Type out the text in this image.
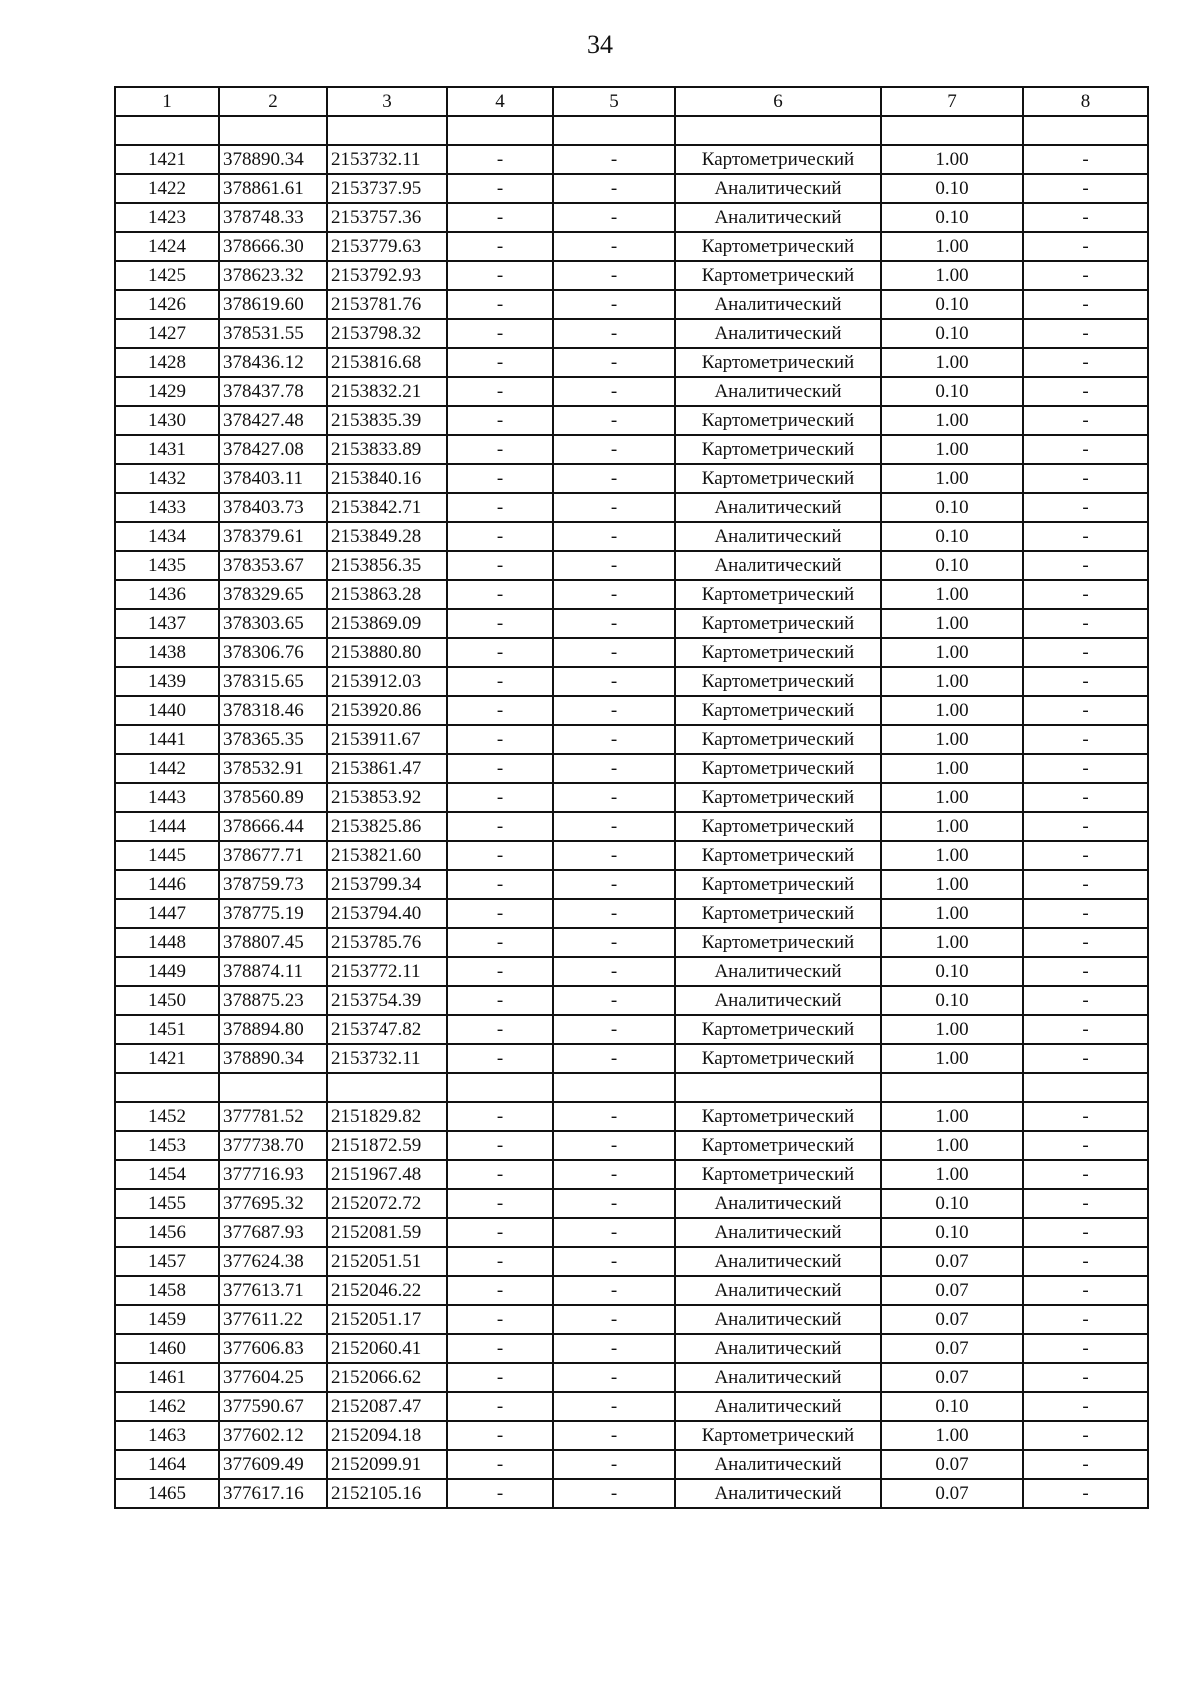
34
1	2	3	4	5	6	7	8

1421	378890.34	2153732.11	-	-	Картометрический	1.00	-
1422	378861.61	2153737.95	-	-	Аналитический	0.10	-
1423	378748.33	2153757.36	-	-	Аналитический	0.10	-
1424	378666.30	2153779.63	-	-	Картометрический	1.00	-
1425	378623.32	2153792.93	-	-	Картометрический	1.00	-
1426	378619.60	2153781.76	-	-	Аналитический	0.10	-
1427	378531.55	2153798.32	-	-	Аналитический	0.10	-
1428	378436.12	2153816.68	-	-	Картометрический	1.00	-
1429	378437.78	2153832.21	-	-	Аналитический	0.10	-
1430	378427.48	2153835.39	-	-	Картометрический	1.00	-
1431	378427.08	2153833.89	-	-	Картометрический	1.00	-
1432	378403.11	2153840.16	-	-	Картометрический	1.00	-
1433	378403.73	2153842.71	-	-	Аналитический	0.10	-
1434	378379.61	2153849.28	-	-	Аналитический	0.10	-
1435	378353.67	2153856.35	-	-	Аналитический	0.10	-
1436	378329.65	2153863.28	-	-	Картометрический	1.00	-
1437	378303.65	2153869.09	-	-	Картометрический	1.00	-
1438	378306.76	2153880.80	-	-	Картометрический	1.00	-
1439	378315.65	2153912.03	-	-	Картометрический	1.00	-
1440	378318.46	2153920.86	-	-	Картометрический	1.00	-
1441	378365.35	2153911.67	-	-	Картометрический	1.00	-
1442	378532.91	2153861.47	-	-	Картометрический	1.00	-
1443	378560.89	2153853.92	-	-	Картометрический	1.00	-
1444	378666.44	2153825.86	-	-	Картометрический	1.00	-
1445	378677.71	2153821.60	-	-	Картометрический	1.00	-
1446	378759.73	2153799.34	-	-	Картометрический	1.00	-
1447	378775.19	2153794.40	-	-	Картометрический	1.00	-
1448	378807.45	2153785.76	-	-	Картометрический	1.00	-
1449	378874.11	2153772.11	-	-	Аналитический	0.10	-
1450	378875.23	2153754.39	-	-	Аналитический	0.10	-
1451	378894.80	2153747.82	-	-	Картометрический	1.00	-
1421	378890.34	2153732.11	-	-	Картометрический	1.00	-

1452	377781.52	2151829.82	-	-	Картометрический	1.00	-
1453	377738.70	2151872.59	-	-	Картометрический	1.00	-
1454	377716.93	2151967.48	-	-	Картометрический	1.00	-
1455	377695.32	2152072.72	-	-	Аналитический	0.10	-
1456	377687.93	2152081.59	-	-	Аналитический	0.10	-
1457	377624.38	2152051.51	-	-	Аналитический	0.07	-
1458	377613.71	2152046.22	-	-	Аналитический	0.07	-
1459	377611.22	2152051.17	-	-	Аналитический	0.07	-
1460	377606.83	2152060.41	-	-	Аналитический	0.07	-
1461	377604.25	2152066.62	-	-	Аналитический	0.07	-
1462	377590.67	2152087.47	-	-	Аналитический	0.10	-
1463	377602.12	2152094.18	-	-	Картометрический	1.00	-
1464	377609.49	2152099.91	-	-	Аналитический	0.07	-
1465	377617.16	2152105.16	-	-	Аналитический	0.07	-
